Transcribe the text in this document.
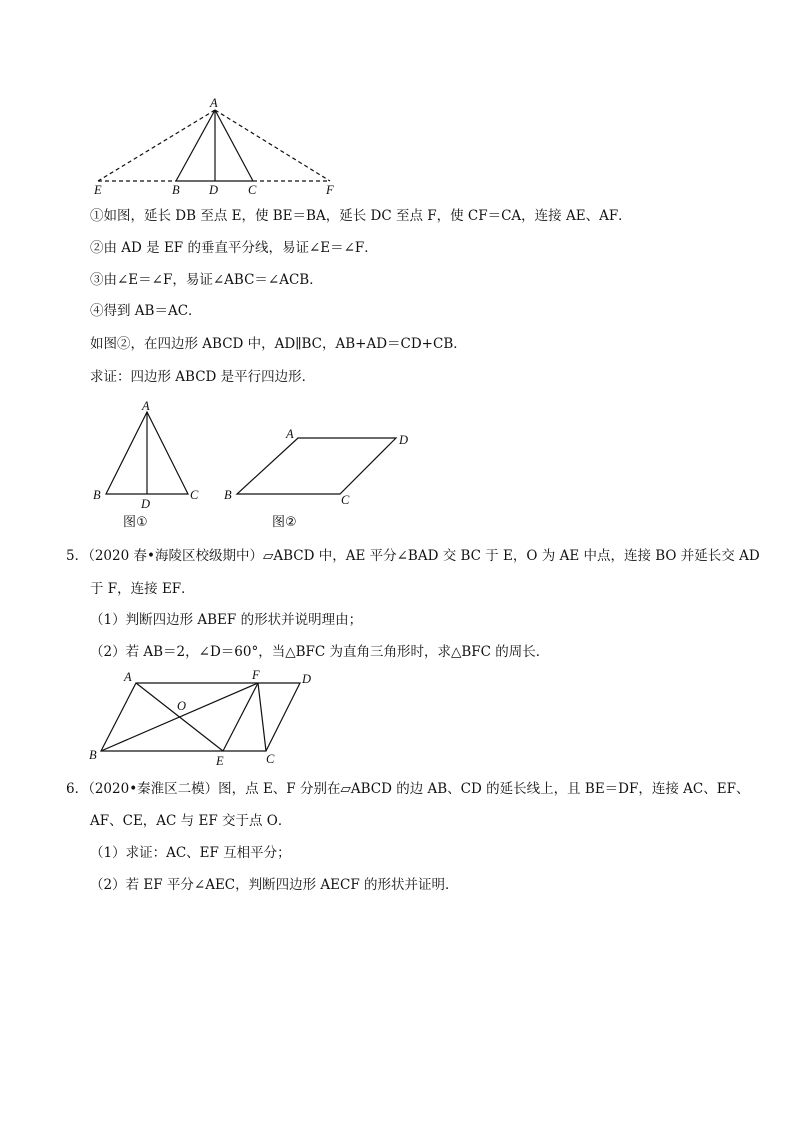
A
E	B D C	F
①如图，延长 DB 至点 E，使 BE＝BA，延长 DC 至点 F，使 CF＝CA，连接 AE、AF．
②由 AD 是 EF 的垂直平分线，易证∠E＝∠F．
③由∠E＝∠F，易证∠ABC＝∠ACB．
④得到 AB＝AC．
如图②，在四边形 ABCD 中，AD∥BC，AB+AD＝CD+CB．
求证：四边形 ABCD 是平行四边形．
A
B
D
C
图①
A	D
B	C
图②
5．（2020 春•海陵区校级期中）▱ABCD 中，AE 平分∠BAD 交 BC 于 E，O 为 AE 中点，连接 BO 并延长交 AD
于 F，连接 EF．
（1）判断四边形 ABEF 的形状并说明理由；
（2）若 AB＝2，∠D＝60°，当△BFC 为直角三角形时，求△BFC 的周长．
A	F	D
O
B	E	C
6．（2020•秦淮区二模）图，点 E、F 分别在▱ABCD 的边 AB、CD 的延长线上，且 BE＝DF，连接 AC、EF、
AF、CE，AC 与 EF 交于点 O．
（1）求证：AC、EF 互相平分；
（2）若 EF 平分∠AEC，判断四边形 AECF 的形状并证明．
